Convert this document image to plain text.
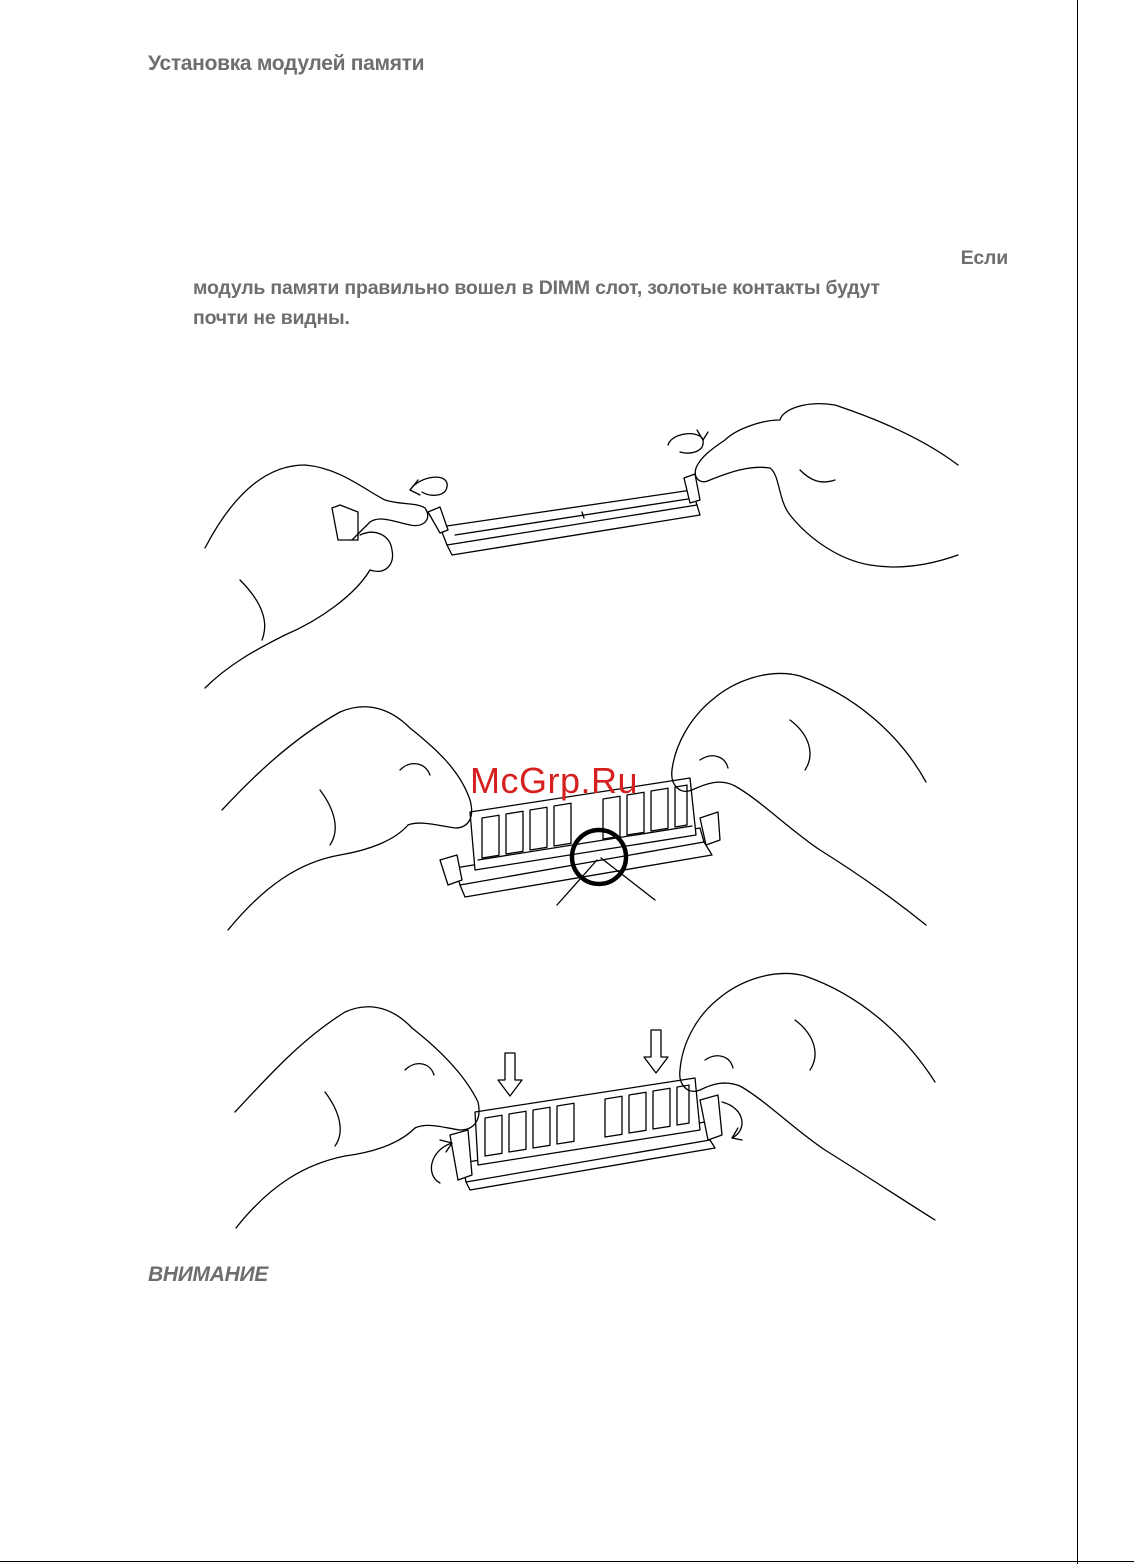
Установка модулей памяти
Если
модуль памяти правильно вошел в DIMM слот, золотые контакты будут
почти не видны.
McGrp.Ru
ВНИМАНИЕ
